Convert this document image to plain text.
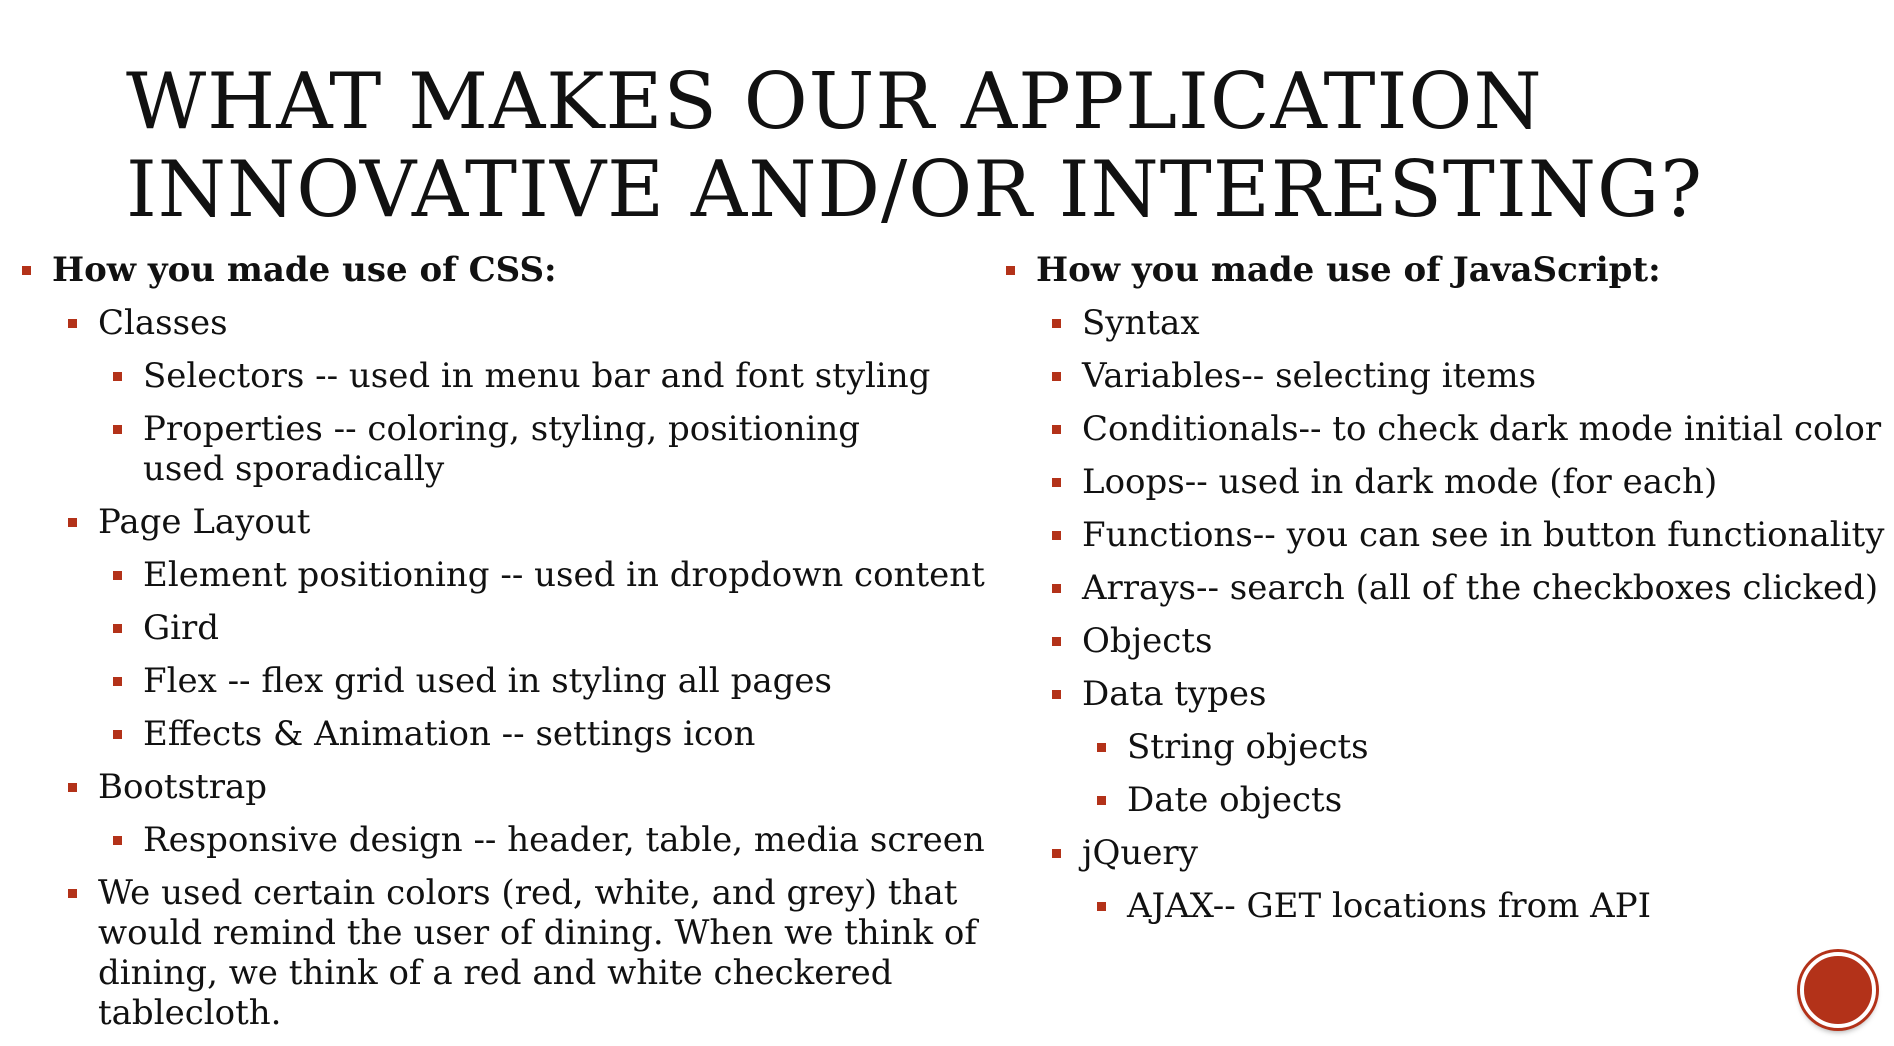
WHAT MAKES OUR APPLICATION
INNOVATIVE AND/OR INTERESTING?
How you made use of CSS:
Classes
Selectors -- used in menu bar and font styling
Properties -- coloring, styling, positioning used sporadically
Page Layout
Element positioning -- used in dropdown content
Gird
Flex -- flex grid used in styling all pages
Effects & Animation -- settings icon
Bootstrap
Responsive design -- header, table, media screen
We used certain colors (red, white, and grey) that would remind the user of dining. When we think of dining, we think of a red and white checkered tablecloth.
How you made use of JavaScript:
Syntax
Variables-- selecting items
Conditionals-- to check dark mode initial color
Loops-- used in dark mode (for each)
Functions-- you can see in button functionality
Arrays-- search (all of the checkboxes clicked)
Objects
Data types
String objects
Date objects
jQuery
AJAX-- GET locations from API
